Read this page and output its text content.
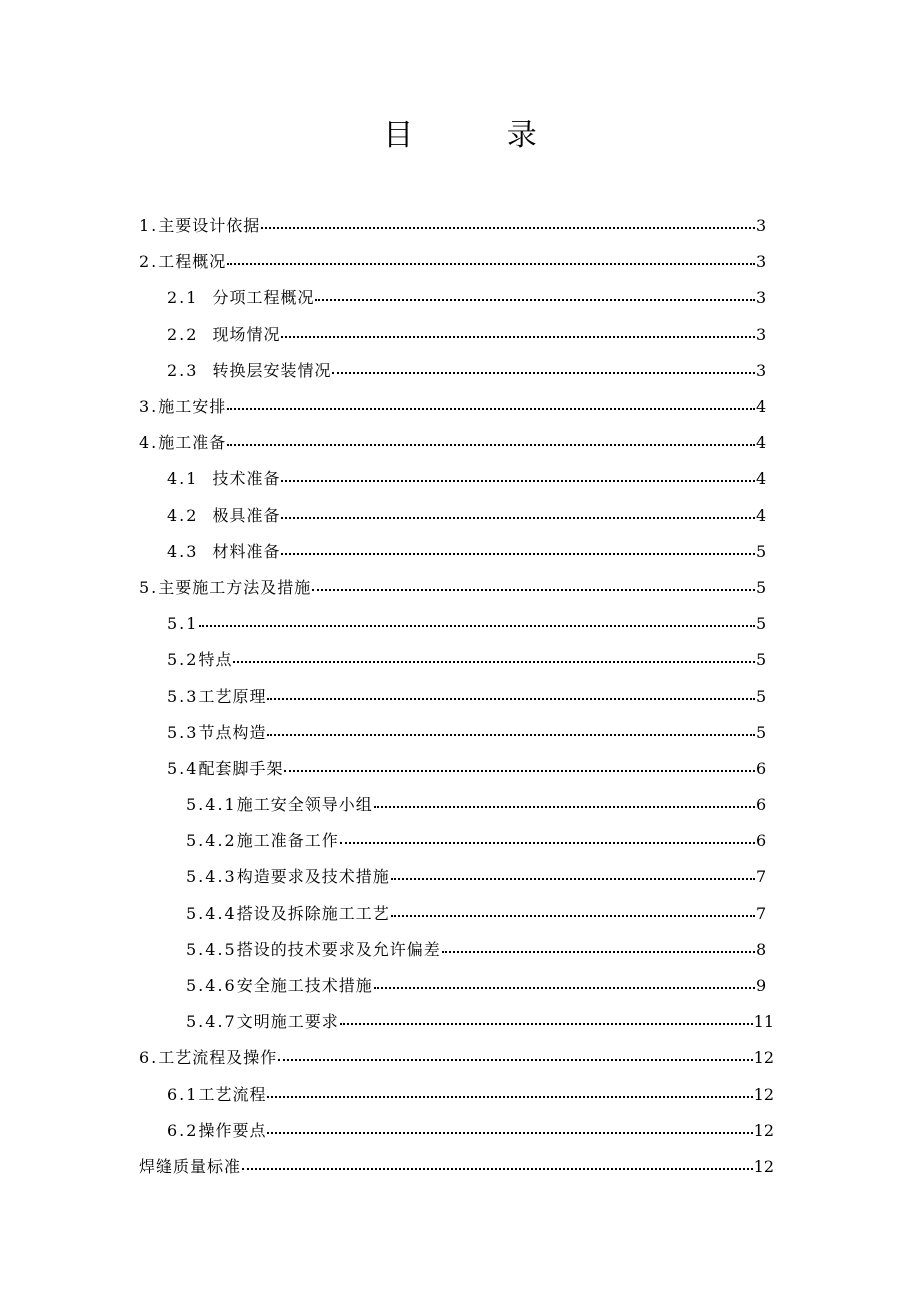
目 录
1.主要设计依据	3
2.工程概况	3
2.1 分项工程概况	3
2.2 现场情况	3
2.3 转换层安装情况	3
3.施工安排	4
4.施工准备	4
4.1 技术准备	4
4.2 极具准备	4
4.3 材料准备	5
5.主要施工方法及措施	5
5.1	5
5.2特点	5
5.3工艺原理	5
5.3节点构造	5
5.4配套脚手架	6
5.4.1施工安全领导小组	6
5.4.2施工准备工作	6
5.4.3构造要求及技术措施	7
5.4.4搭设及拆除施工工艺	7
5.4.5搭设的技术要求及允许偏差	8
5.4.6安全施工技术措施	9
5.4.7文明施工要求	11
6.工艺流程及操作	12
6.1工艺流程	12
6.2操作要点	12
焊缝质量标准	12
